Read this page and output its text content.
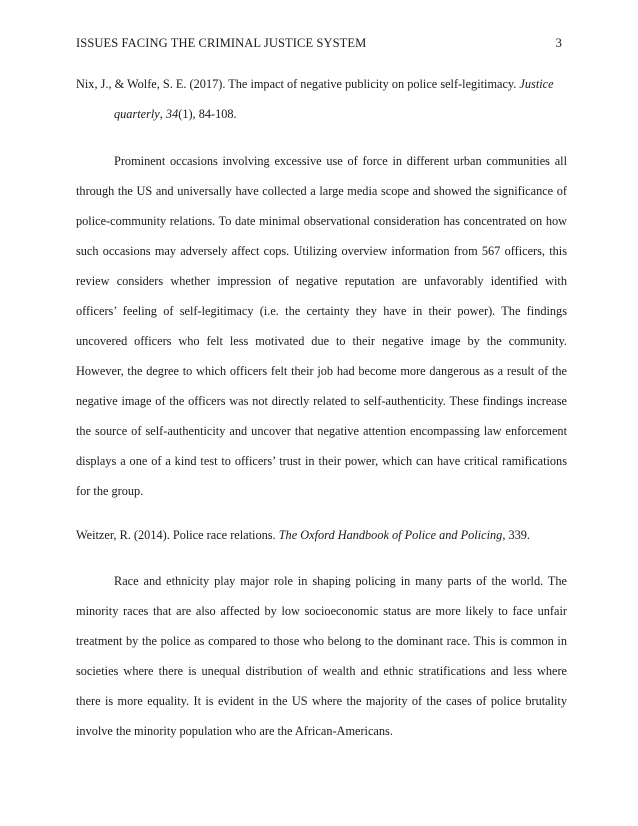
ISSUES FACING THE CRIMINAL JUSTICE SYSTEM	3

Nix, J., & Wolfe, S. E. (2017). The impact of negative publicity on police self-legitimacy. Justice quarterly, 34(1), 84-108.

Prominent occasions involving excessive use of force in different urban communities all through the US and universally have collected a large media scope and showed the significance of police-community relations. To date minimal observational consideration has concentrated on how such occasions may adversely affect cops. Utilizing overview information from 567 officers, this review considers whether impression of negative reputation are unfavorably identified with officers’ feeling of self-legitimacy (i.e. the certainty they have in their power). The findings uncovered officers who felt less motivated due to their negative image by the community. However, the degree to which officers felt their job had become more dangerous as a result of the negative image of the officers was not directly related to self-authenticity. These findings increase the source of self-authenticity and uncover that negative attention encompassing law enforcement displays a one of a kind test to officers’ trust in their power, which can have critical ramifications for the group.

Weitzer, R. (2014). Police race relations. The Oxford Handbook of Police and Policing, 339.

Race and ethnicity play major role in shaping policing in many parts of the world. The minority races that are also affected by low socioeconomic status are more likely to face unfair treatment by the police as compared to those who belong to the dominant race. This is common in societies where there is unequal distribution of wealth and ethnic stratifications and less where there is more equality. It is evident in the US where the majority of the cases of police brutality involve the minority population who are the African-Americans.
